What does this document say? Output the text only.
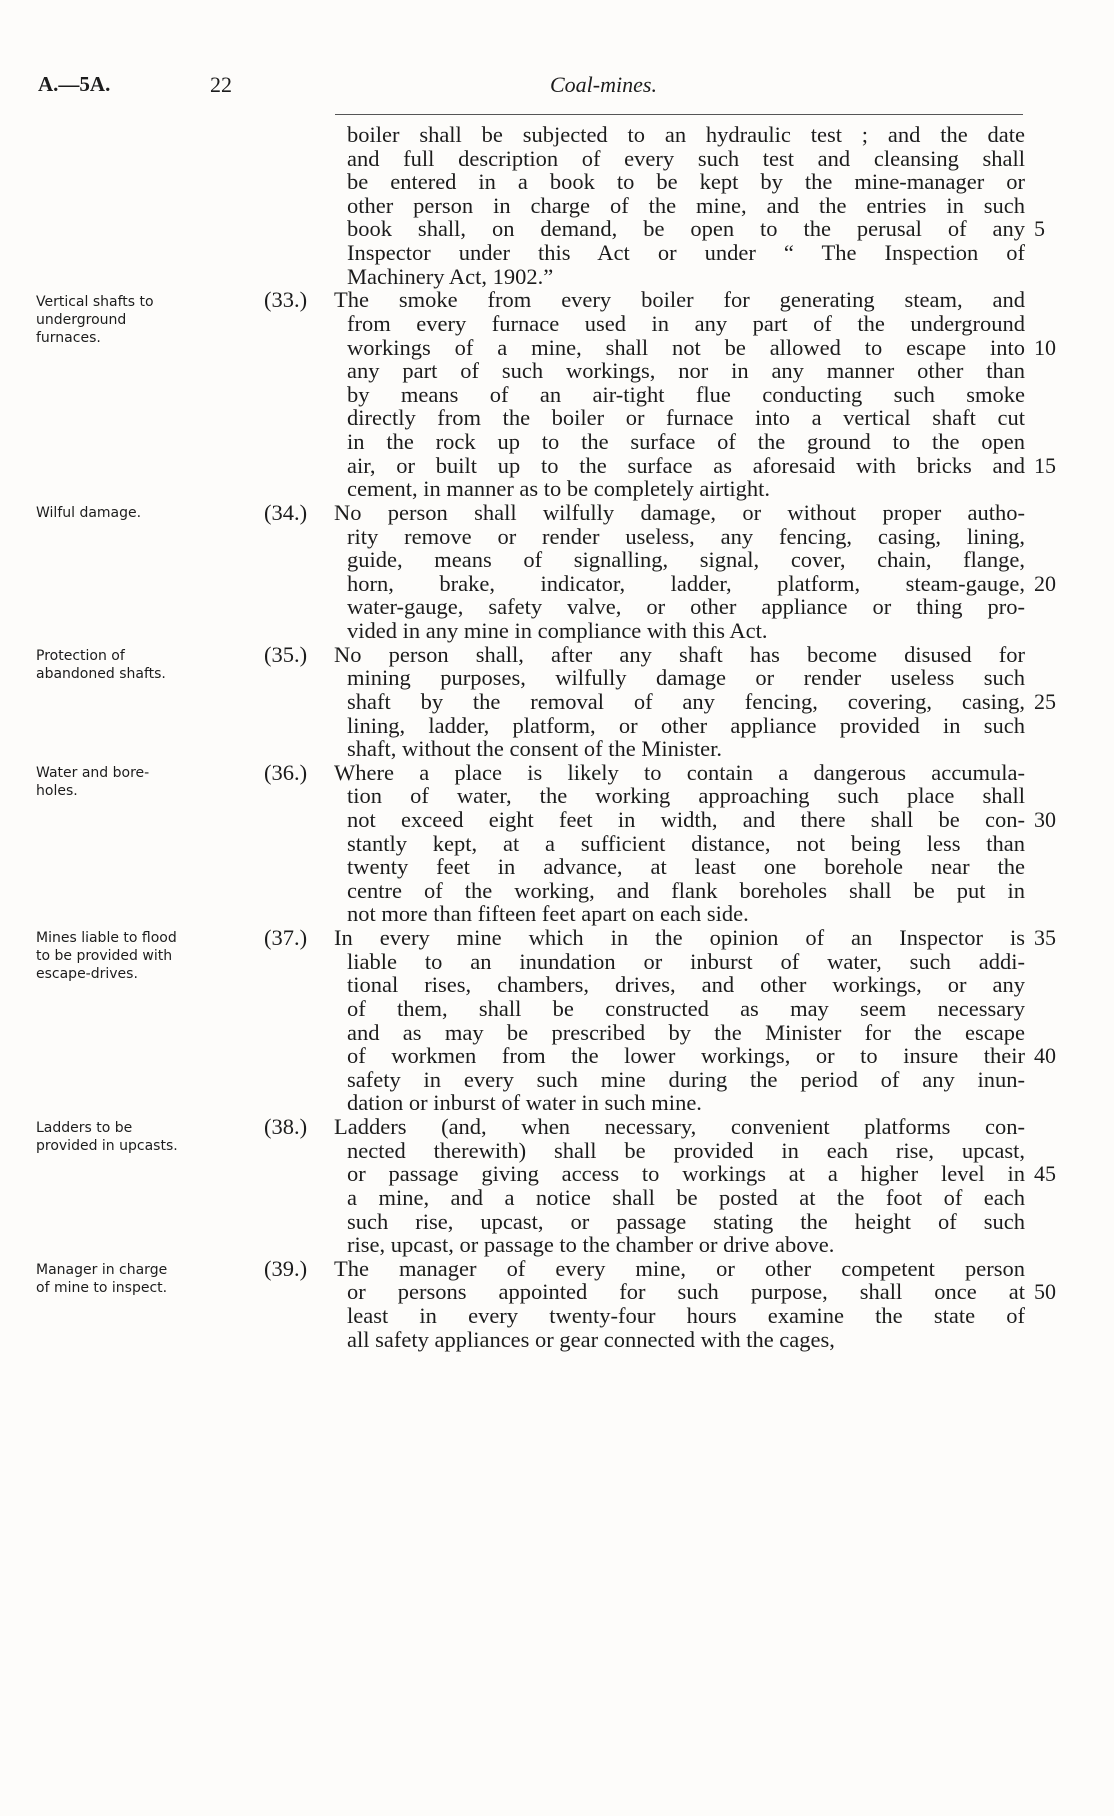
A.—5A.	22	Coal-mines.
boiler shall be subjected to an hydraulic test ; and the date
and full description of every such test and cleansing shall
be entered in a book to be kept by the mine-manager or
other person in charge of the mine, and the entries in such
book shall, on demand, be open to the perusal of any
Inspector under this Act or under “ The Inspection of
Machinery Act, 1902.”
(33.)	The smoke from every boiler for generating steam, and
from every furnace used in any part of the underground
workings of a mine, shall not be allowed to escape into
any part of such workings, nor in any manner other than
by means of an air-tight flue conducting such smoke
directly from the boiler or furnace into a vertical shaft cut
in the rock up to the surface of the ground to the open
air, or built up to the surface as aforesaid with bricks and
cement, in manner as to be completely airtight.
(34.)	No person shall wilfully damage, or without proper autho-
rity remove or render useless, any fencing, casing, lining,
guide, means of signalling, signal, cover, chain, flange,
horn, brake, indicator, ladder, platform, steam-gauge,
water-gauge, safety valve, or other appliance or thing pro-
vided in any mine in compliance with this Act.
(35.)	No person shall, after any shaft has become disused for
mining purposes, wilfully damage or render useless such
shaft by the removal of any fencing, covering, casing,
lining, ladder, platform, or other appliance provided in such
shaft, without the consent of the Minister.
(36.)	Where a place is likely to contain a dangerous accumula-
tion of water, the working approaching such place shall
not exceed eight feet in width, and there shall be con-
stantly kept, at a sufficient distance, not being less than
twenty feet in advance, at least one borehole near the
centre of the working, and flank boreholes shall be put in
not more than fifteen feet apart on each side.
(37.)	In every mine which in the opinion of an Inspector is
liable to an inundation or inburst of water, such addi-
tional rises, chambers, drives, and other workings, or any
of them, shall be constructed as may seem necessary
and as may be prescribed by the Minister for the escape
of workmen from the lower workings, or to insure their
safety in every such mine during the period of any inun-
dation or inburst of water in such mine.
(38.)	Ladders (and, when necessary, convenient platforms con-
nected therewith) shall be provided in each rise, upcast,
or passage giving access to workings at a higher level in
a mine, and a notice shall be posted at the foot of each
such rise, upcast, or passage stating the height of such
rise, upcast, or passage to the chamber or drive above.
(39.)	The manager of every mine, or other competent person
or persons appointed for such purpose, shall once at
least in every twenty-four hours examine the state of
all safety appliances or gear connected with the cages,
Vertical shafts to
underground
furnaces.
Wilful damage.
Protection of
abandoned shafts.
Water and bore-
holes.
Mines liable to flood
to be provided with
escape-drives.
Ladders to be
provided in upcasts.
Manager in charge
of mine to inspect.
5
10
15
20
25
30
35
40
45
50
